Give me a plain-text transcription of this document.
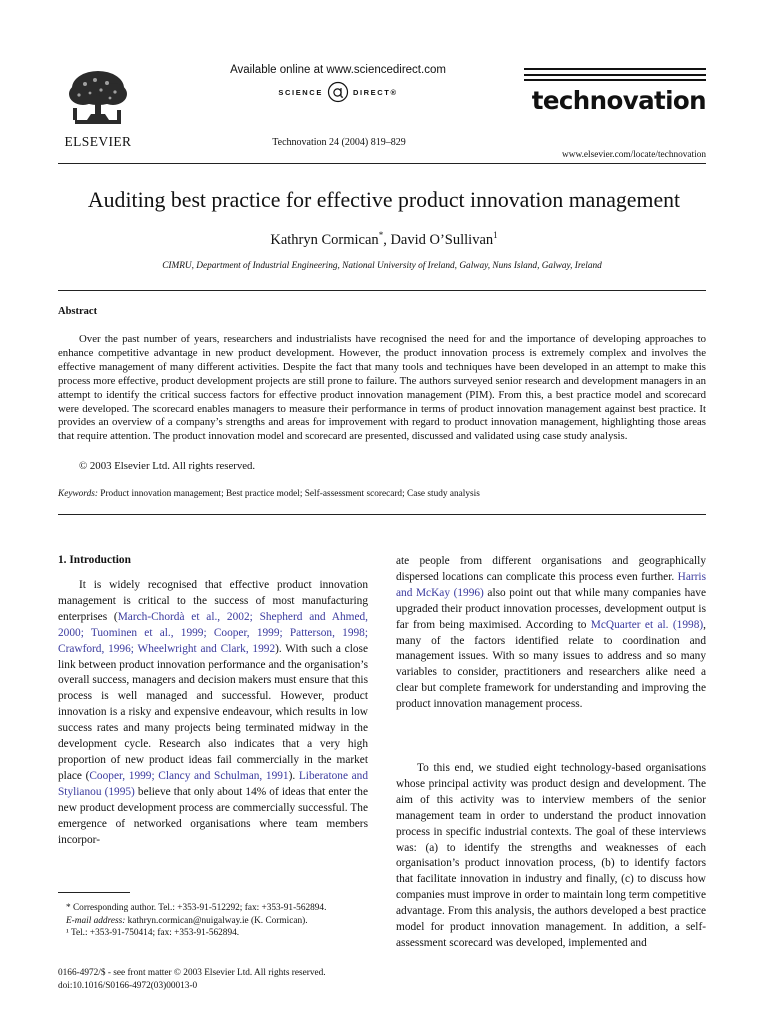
ELSEVIER
Available online at www.sciencedirect.com
SCIENCE	DIRECT®
Technovation 24 (2004) 819–829
technovation
www.elsevier.com/locate/technovation
Auditing best practice for effective product innovation management
Kathryn Cormican*, David O’Sullivan$^1$
CIMRU, Department of Industrial Engineering, National University of Ireland, Galway, Nuns Island, Galway, Ireland
Abstract

Over the past number of years, researchers and industrialists have recognised the need for and the importance of developing approaches to enhance competitive advantage in new product development. However, the product innovation process is extremely complex and involves the effective management of many different activities. Despite the fact that many tools and techniques have been developed in an attempt to make this process more effective, product development projects are still prone to failure. The authors surveyed senior research and development managers in an attempt to identify the critical success factors for effective product innovation management (PIM). From this, a best practice model and scorecard were developed. The scorecard enables managers to measure their performance in terms of product innovation management against best practice. It provides an overview of a company’s strengths and areas for improvement with regard to product innovation management, highlighting those areas that require attention. The product innovation model and scorecard are presented, discussed and validated using case study analysis.

© 2003 Elsevier Ltd. All rights reserved.
Keywords: Product innovation management; Best practice model; Self-assessment scorecard; Case study analysis
1. Introduction

It is widely recognised that effective product innovation management is critical to the success of most manufacturing enterprises (March-Chordà et al., 2002; Shepherd and Ahmed, 2000; Tuominen et al., 1999; Cooper, 1999; Patterson, 1998; Crawford, 1996; Wheelwright and Clark, 1992). With such a close link between product innovation performance and the organisation’s overall success, managers and decision makers must ensure that this process is well managed and successful. However, product innovation is a risky and expensive endeavour, which results in low success rates and many projects being terminated midway in the development cycle. Research also indicates that a very high proportion of new product ideas fail commercially in the market place (Cooper, 1999; Clancy and Schulman, 1991). Liberatone and Stylianou (1995) believe that only about 14% of ideas that enter the new product development process are commercially successful. The emergence of networked organisations where team members incorpor-

ate people from different organisations and geographically dispersed locations can complicate this process even further. Harris and McKay (1996) also point out that while many companies have upgraded their product innovation processes, development output is far from being maximised. According to McQuarter et al. (1998), many of the factors identified relate to coordination and management issues. With so many issues to address and so many variables to consider, practitioners and researchers alike need a clear but complete framework for understanding and improving the product innovation management process.

To this end, we studied eight technology-based organisations whose principal activity was product design and development. The aim of this activity was to interview members of the senior management team in order to understand the product innovation process in specific industrial contexts. The goal of these interviews was: (a) to identify the strengths and weaknesses of each organisation’s product innovation process, (b) to identify factors that facilitate innovation in industry and finally, (c) to discuss how companies must improve in order to maintain long term competitive advantage. From this analysis, the authors developed a best practice model for product innovation management. In addition, a self-assessment scorecard was developed, implemented and

* Corresponding author. Tel.: +353-91-512292; fax: +353-91-562894.

E-mail address: kathryn.cormican@nuigalway.ie (K. Cormican).

¹ Tel.: +353-91-750414; fax: +353-91-562894.

0166-4972/$ - see front matter © 2003 Elsevier Ltd. All rights reserved.
doi:10.1016/S0166-4972(03)00013-0
